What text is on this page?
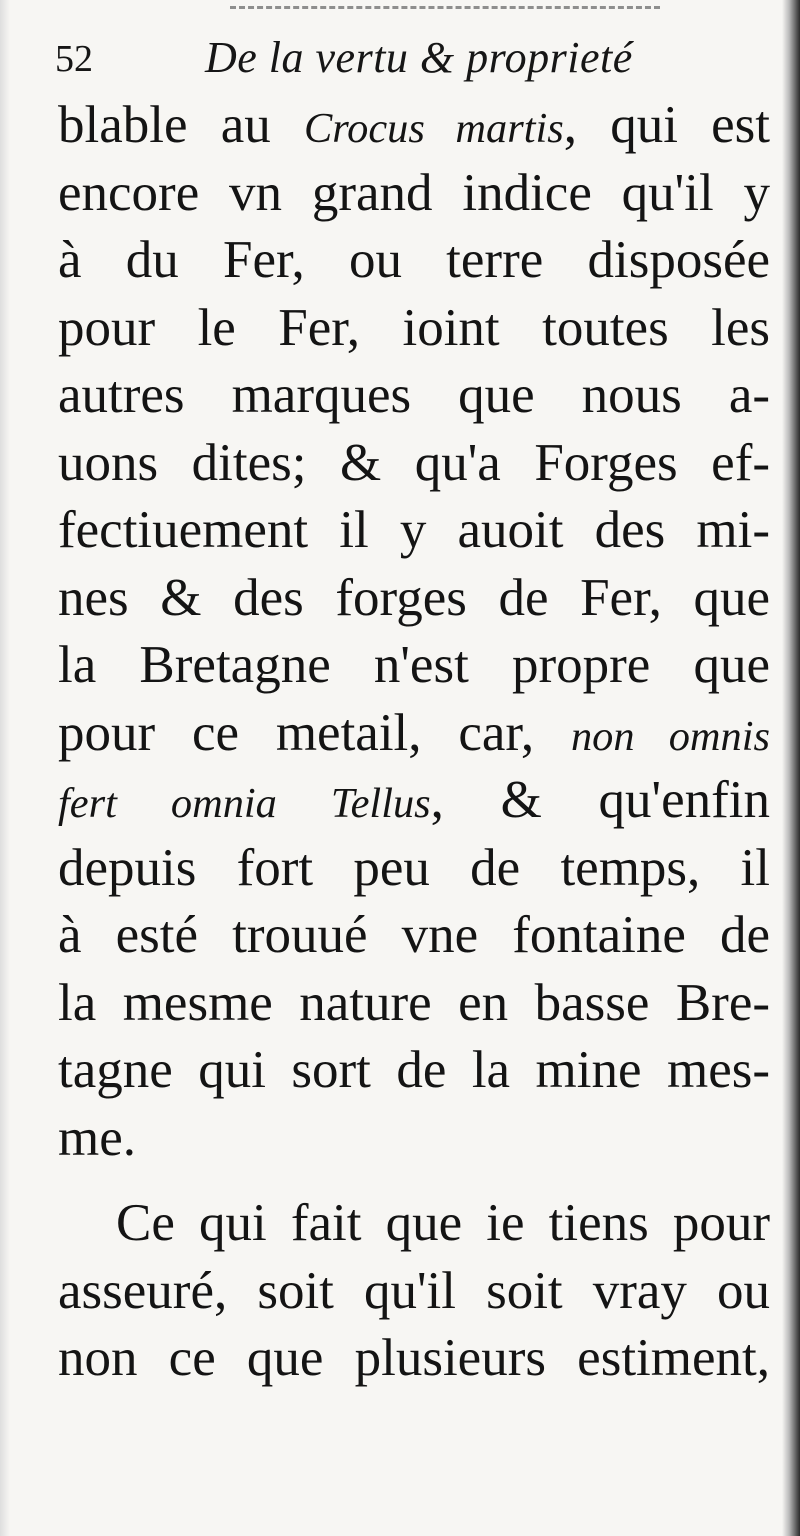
52	De la vertu & proprieté
blable au Crocus martis, qui est
encore vn grand indice qu'il y
à du Fer, ou terre disposée
pour le Fer, ioint toutes les
autres marques que nous a-
uons dites; & qu'a Forges ef-
fectiuement il y auoit des mi-
nes & des forges de Fer, que
la Bretagne n'est propre que
pour ce metail, car, non omnis
fert omnia Tellus, & qu'enfin
depuis fort peu de temps, il
à esté trouué vne fontaine de
la mesme nature en basse Bre-
tagne qui sort de la mine mes-
me.
Ce qui fait que ie tiens pour
asseuré, soit qu'il soit vray ou
non ce que plusieurs estiment,
